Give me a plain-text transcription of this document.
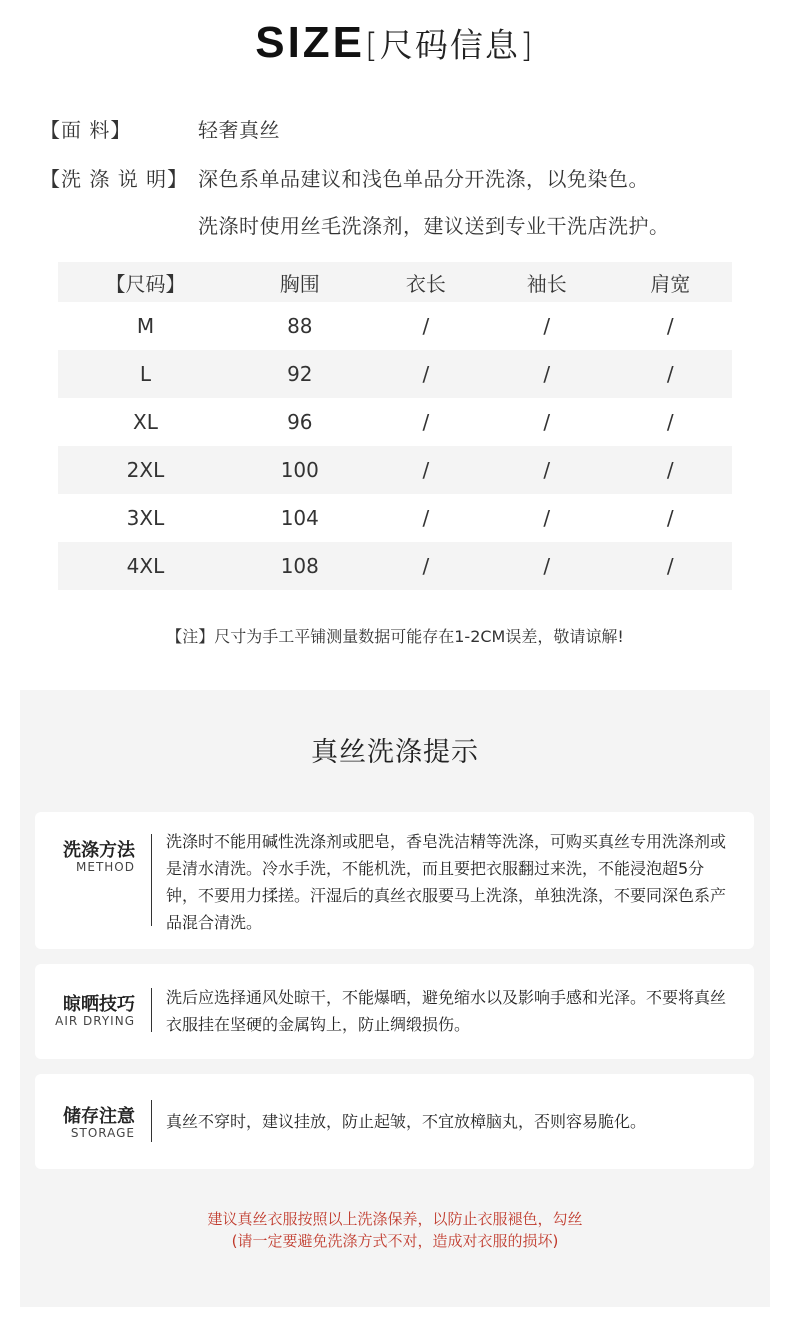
SIZE[尺码信息]
【面 料】	轻奢真丝
【洗 涤 说 明】 深色系单品建议和浅色单品分开洗涤，以免染色。
洗涤时使用丝毛洗涤剂，建议送到专业干洗店洗护。
【尺码】	胸围	衣长	袖长	肩宽
M	88	/	/	/
L	92	/	/	/
XL	96	/	/	/
2XL	100	/	/	/
3XL	104	/	/	/
4XL	108	/	/	/
【注】尺寸为手工平铺测量数据可能存在1-2CM误差，敬请谅解!
真丝洗涤提示
洗涤方法
METHOD
洗涤时不能用碱性洗涤剂或肥皂，香皂洗洁精等洗涤，可购买真丝专用洗涤剂或是清水清洗。冷水手洗，不能机洗，而且要把衣服翻过来洗，不能浸泡超5分钟，不要用力揉搓。汗湿后的真丝衣服要马上洗涤，单独洗涤，不要同深色系产品混合清洗。
晾晒技巧
AIR DRYING
洗后应选择通风处晾干，不能爆晒，避免缩水以及影响手感和光泽。不要将真丝衣服挂在坚硬的金属钩上，防止绸缎损伤。
储存注意
STORAGE
真丝不穿时，建议挂放，防止起皱，不宜放樟脑丸，否则容易脆化。
建议真丝衣服按照以上洗涤保养，以防止衣服褪色，勾丝
(请一定要避免洗涤方式不对，造成对衣服的损坏)
